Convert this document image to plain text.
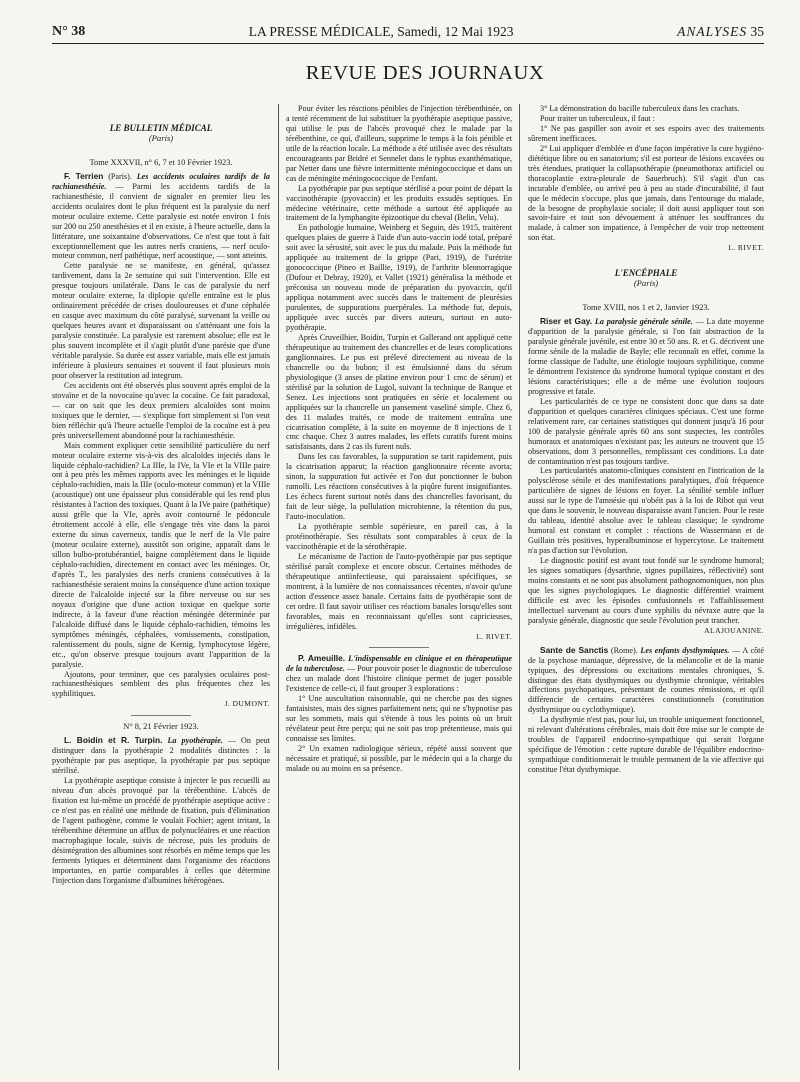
N° 38	LA PRESSE MÉDICALE, Samedi, 12 Mai 1923	ANALYSES 35
REVUE DES JOURNAUX
LE BULLETIN MÉDICAL
(Paris)
Tome XXXVII, n° 6, 7 et 10 Février 1923.

F. Terrien (Paris). Les accidents oculaires tardifs de la rachianesthésie. — Parmi les accidents tardifs de la rachianesthésie, il convient de signaler en premier lieu les accidents oculaires dont le plus fréquent est la paralysie du nerf moteur oculaire externe. Cette paralysie est notée environ 1 fois sur 200 ou 250 anesthésies et il en existe, à l'heure actuelle, dans la littérature, une soixantaine d'observations. Ce n'est que tout à fait exceptionnellement que les autres nerfs craniens, — nerf oculo-moteur commun, nerf pathétique, nerf acoustique, — sont atteints.

Cette paralysie ne se manifeste, en général, qu'assez tardivement, dans la 2e semaine qui suit l'intervention. Elle est presque toujours unilatérale. Dans le cas de paralysie du nerf moteur oculaire externe, la diplopie qu'elle entraîne est le plus ordinairement précédée de crises douloureuses et d'une céphalée en casque avec maximum du côté paralysé, survenant la veille ou quelques heures avant et disparaissant ou s'atténuant une fois la paralysie constituée. La paralysie est rarement absolue; elle est le plus souvent incomplète et il s'agit plutôt d'une parésie que d'une véritable paralysie. Sa durée est assez variable, mais elle est jamais inférieure à plusieurs semaines et souvent il faut plusieurs mois pour observer la restitution ad integrum.

Ces accidents ont été observés plus souvent après emploi de la stovaïne et de la novocaïne qu'avec la cocaïne. Ce fait paradoxal, — car on sait que les deux premiers alcaloïdes sont moins toxiques que le dernier, — s'explique fort simplement si l'on veut bien réfléchir qu'à l'heure actuelle l'emploi de la cocaïne est à peu près universellement abandonné pour la rachianesthésie.

Mais comment expliquer cette sensibilité particulière du nerf moteur oculaire externe vis-à-vis des alcaloïdes injectés dans le liquide céphalo-rachidien? La IIIe, la IVe, la VIe et la VIIIe paire ont à peu près les mêmes rapports avec les méninges et le liquide céphalo-rachidien, mais la IIIe (oculo-moteur commun) et la VIIIe (acoustique) ont une épaisseur plus considérable qui les rend plus résistantes à l'action des toxiques. Quant à la IVe paire (pathétique) aussi grêle que la VIe, après avoir contourné le pédoncule étroitement accolé à elle, elle s'engage très vite dans la paroi externe du sinus caverneux, tandis que le nerf de la VIe paire (moteur oculaire externe), aussitôt son origine, apparaît dans le sillon bulbo-protubérantiel, baigne complètement dans le liquide céphalo-rachidien, directement en contact avec les méninges. Or, d'après T., les paralysies des nerfs craniens consécutives à la rachianesthésie seraient moins la conséquence d'une action toxique directe de l'alcaloïde injecté sur la fibre nerveuse ou sur ses noyaux d'origine que d'une action toxique en quelque sorte indirecte, à la faveur d'une réaction méningée déterminée par l'alcaloïde diffusé dans le liquide céphalo-rachidien, témoins les symptômes méningés, céphalées, vomissements, constipation, ralentissement du pouls, signe de Kernig, lymphocytose légère, etc., qu'on observe presque toujours avant l'apparition de la paralysie.

Ajoutons, pour terminer, que ces paralysies oculaires post-rachianesthésiques semblent des plus fréquentes chez les syphilitiques.

J. DUMONT.
N° 8, 21 Février 1923.

L. Boidin et R. Turpin. La pyothérapie. — On peut distinguer dans la pyothérapie 2 modalités distinctes : la pyothérapie par pus aseptique, la pyothérapie par pus septique stérilisé.

La pyothérapie aseptique consiste à injecter le pus recueilli au niveau d'un abcès provoqué par la térébenthine. L'abcès de fixation est lui-même un procédé de pyothérapie aseptique active : ce n'est pas en réalité une méthode de fixation, puis d'élimination de l'agent pathogène, comme le voulait Fochier; agent irritant, la térébenthine détermine un afflux de polynucléaires et une réaction macrophagique locale, suivis de nécrose, puis les produits de désintégration des albumines sont résorbés en même temps que les ferments lytiques et déterminent dans l'organisme des réactions importantes, en partie comparables à celles que détermine l'injection dans l'organisme d'albumines hétérogènes.

Pour éviter les réactions pénibles de l'injection térébenthinée, on a tenté récemment de lui substituer la pyothérapie aseptique passive, qui utilise le pus de l'abcès provoqué chez le malade par la térébenthine, ce qui, d'ailleurs, supprime le temps à la fois pénible et utile de la réaction locale. La méthode a été utilisée avec des résultats encourageants par Bridré et Sennelet dans le typhus exanthématique, par Netter dans une fièvre intermittente méningococcique et dans un cas de méningite méningococcique de l'enfant.

La pyothérapie par pus septique stérilisé a pour point de départ la vaccinothérapie (pyovaccin) et les produits exsudés septiques. En médecine vétérinaire, cette méthode a surtout été appliquée au traitement de la lymphangite épizootique du cheval (Belin, Velu).

En pathologie humaine, Weinberg et Seguin, dès 1915, traitèrent quelques plaies de guerre à l'aide d'un auto-vaccin iodé total, préparé soit avec la sérosité, soit avec le pus du malade. Puis la méthode fut appliquée au traitement de la grippe (Pari, 1919), de l'urétrite gonococcique (Pineo et Baillie, 1919), de l'arthrite blennorragique (Dufour et Debray, 1920), et Vallet (1921) généralisa la méthode et préconisa un nouveau mode de préparation du pyovaccin, qu'il appliqua notamment avec succès dans le traitement de pleurésies purulentes, de suppurations puerpérales. La méthode fut, depuis, appliquée avec succès par divers auteurs, surtout en auto-pyothérapie.

Après Cruveilhier, Boidin, Turpin et Gallerand ont appliqué cette thérapeutique au traitement des chancrelles et de leurs complications ganglionnaires. Le pus est prélevé directement au niveau de la chancrelle ou du bubon; il est émulsionné dans du sérum physiologique (3 anses de platine environ pour 1 cmc de sérum) et stérilisé par la solution de Lugol, suivant la technique de Ranque et Senez. Les injections sont pratiquées en série et localement ou appliquées sur la chancrelle un pansement vaseliné simple. Chez 6, des 11 malades traités, ce mode de traitement entraîna une cicatrisation complète, à la suite en moyenne de 8 injections de 1 cmc chaque. Chez 3 autres malades, les effets curatifs furent moins satisfaisants, dans 2 cas ils furent nuls.

Dans les cas favorables, la suppuration se tarit rapidement, puis la cicatrisation apparut; la réaction ganglionnaire récente avorta; sinon, la suppuration fut activée et l'on dut ponctionner le bubon ramolli. Les réactions consécutives à la piqûre furent insignifiantes. Les échecs furent surtout notés dans des chancrelles favorisant, du fait de leur siège, la pullulation microbienne, la rétention du pus, l'auto-inoculation.

La pyothérapie semble supérieure, en pareil cas, à la protéinothérapie. Ses résultats sont comparables à ceux de la vaccinothérapie et de la sérothérapie.

Le mécanisme de l'action de l'auto-pyothérapie par pus septique stérilisé paraît complexe et encore obscur. Certaines méthodes de thérapeutique antiinfectieuse, qui paraissaient spécifiques, se montrent, à la lumière de nos connaissances récentes, n'avoir qu'une action d'essence assez banale. Certains faits de pyothérapie sont de cet ordre. Il faut savoir utiliser ces réactions banales lorsqu'elles sont favorables, mais en reconnaissant qu'elles sont capricieuses, irrégulières, infidèles.

L. RIVET.

P. Ameuille. L'indispensable en clinique et en thérapeutique de la tuberculose. — Pour pouvoir poser le diagnostic de tuberculose chez un malade dont l'histoire clinique permet de juger possible l'existence de celle-ci, il faut grouper 3 explorations :

1° Une auscultation raisonnable, qui ne cherche pas des signes fantaisistes, mais des signes parfaitement nets; qui ne s'hypnotise pas sur les sommets, mais qui s'étende à tous les points où un bruit révélateur peut être perçu; qui ne soit pas trop prétentieuse, mais qui connaisse ses limites.

2° Un examen radiologique sérieux, répété aussi souvent que nécessaire et pratiqué, si possible, par le médecin qui a la charge du malade ou au moins en sa présence.

3° La démonstration du bacille tuberculeux dans les crachats.

Pour traiter un tuberculeux, il faut :

1° Ne pas gaspiller son avoir et ses espoirs avec des traitements sûrement inefficaces.

2° Lui appliquer d'emblée et d'une façon impérative la cure hygiéno-diététique libre ou en sanatorium; s'il est porteur de lésions excavées ou très étendues, pratiquer la collapsothérapie (pneumothorax artificiel ou thoracoplastie extra-pleurale de Sauerbruch). S'il s'agit d'un cas incurable d'emblée, ou arrivé peu à peu au stade d'incurabilité, il faut que le médecin s'occupe, plus que jamais, dans l'entourage du malade, de la besogne de prophylaxie sociale; il doit aussi appliquer tout son savoir-faire et tout son dévouement à atténuer les souffrances du malade, à calmer son impatience, à l'empêcher de voir trop nettement son état.

L. RIVET.
L'ENCÉPHALE
(Paris)
Tome XVIII, nos 1 et 2, Janvier 1923.

Riser et Gay. La paralysie générale sénile. — La date moyenne d'apparition de la paralysie générale, si l'on fait abstraction de la paralysie générale juvénile, est entre 30 et 50 ans. R. et G. décrivent une forme sénile de la maladie de Bayle; elle reconnaît en effet, comme la forme classique de l'adulte, une étiologie toujours syphilitique, comme le démontrent l'existence du syndrome humoral typique constant et des lésions caractéristiques; elle a de même une évolution toujours progressive et fatale.

Les particularités de ce type ne consistent donc que dans sa date d'apparition et quelques caractères cliniques spéciaux. C'est une forme relativement rare, car certaines statistiques qui donnent jusqu'à 16 pour 100 de paralysie générale après 60 ans sont suspectes, les contrôles humoraux et anatomiques n'existant pas; les auteurs ne trouvent que 15 observations, dont 3 personnelles, remplissant ces conditions. La date de contamination n'est pas toujours tardive.

Les particularités anatomo-cliniques consistent en l'intrication de la polysclérose sénile et des manifestations paralytiques, d'où fréquence particulière de signes de lésions en foyer. La sénilité semble influer aussi sur le type de l'amnésie qui n'obéit pas à la loi de Ribot qui veut que dans le souvenir, le nouveau disparaisse avant l'ancien. Pour le reste du tableau, identité absolue avec le tableau classique; le syndrome humoral est constant et complet : réactions de Wassermann et de Guillain très positives, hyperalbuminose et hypercytose. Le traitement n'a pas d'action sur l'évolution.

Le diagnostic positif est avant tout fondé sur le syndrome humoral; les signes somatiques (dysarthrie, signes pupillaires, réflectivité) sont moins constants et ne sont pas absolument pathognomoniques, non plus que les signes psychologiques. Le diagnostic différentiel vraiment difficile est avec les épisodes confusionnels et l'affaiblissement intellectuel survenant au cours d'une syphilis du névraxe autre que la paralysie générale, diagnostic que seule l'évolution peut trancher.

ALAJOUANINE.

Sante de Sanctis (Rome). Les enfants dysthymiques. — A côté de la psychose maniaque, dépressive, de la mélancolie et de la manie typiques, des dépressions ou excitations mentales chroniques, S. distingue des états dysthymiques ou dysthymie chronique, véritables affections psychopatiques, présentant de courtes rémissions, et qu'il différencie de certains caractères constitutionnels (constitution dysthymique ou cyclothymique).

La dysthymie n'est pas, pour lui, un trouble uniquement fonctionnel, ni relevant d'altérations cérébrales, mais doit être mise sur le compte de troubles de l'appareil endocrino-sympathique qui serait l'organe spécifique de l'émotion : cette rupture durable de l'équilibre endocrino-sympathique conditionnerait le trouble permanent de la vie affective qui constitue l'état dysthymique.
